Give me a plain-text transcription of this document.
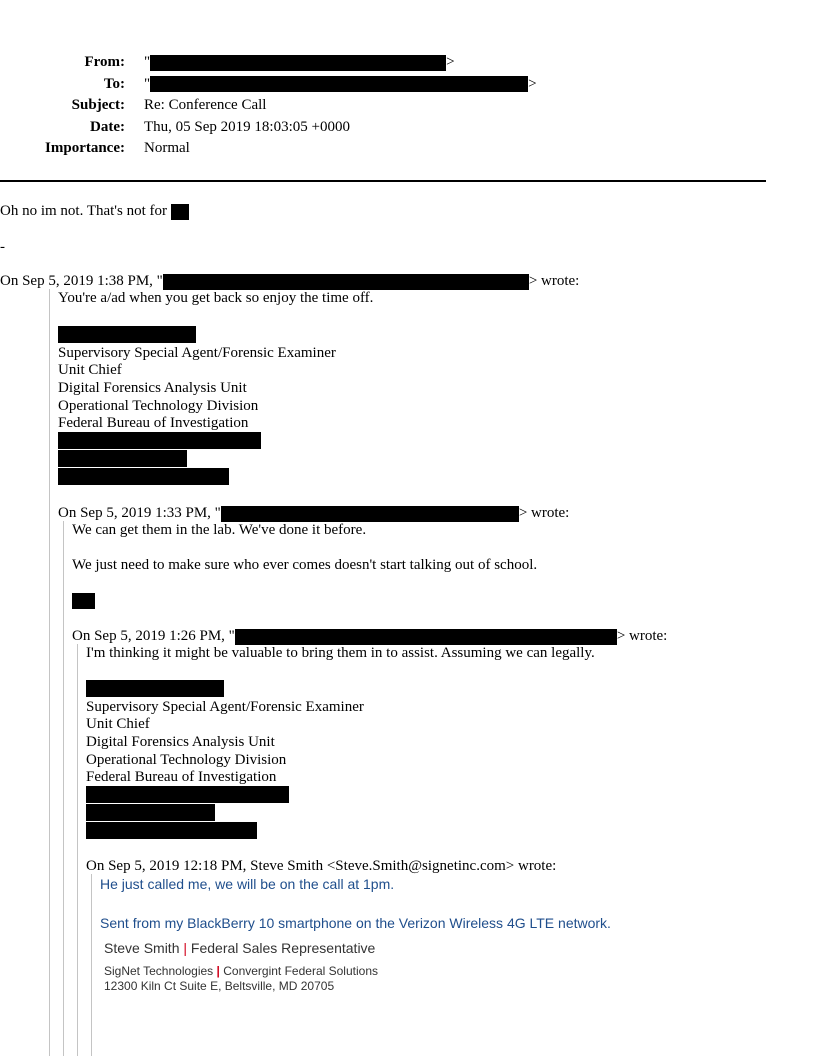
From: "	>
To: "	>
Subject: Re: Conference Call
Date: Thu, 05 Sep 2019 18:03:05 +0000
Importance: Normal
Oh no im not. That's not for
-
On Sep 5, 2019 1:38 PM, "	> wrote:
You're a/ad when you get back so enjoy the time off.
Supervisory Special Agent/Forensic Examiner
Unit Chief
Digital Forensics Analysis Unit
Operational Technology Division
Federal Bureau of Investigation
On Sep 5, 2019 1:33 PM, "	> wrote:
We can get them in the lab. We've done it before.
We just need to make sure who ever comes doesn't start talking out of school.
On Sep 5, 2019 1:26 PM, "	> wrote:
I'm thinking it might be valuable to bring them in to assist. Assuming we can legally.
Supervisory Special Agent/Forensic Examiner
Unit Chief
Digital Forensics Analysis Unit
Operational Technology Division
Federal Bureau of Investigation
On Sep 5, 2019 12:18 PM, Steve Smith <Steve.Smith@signetinc.com> wrote:
He just called me, we will be on the call at 1pm.
Sent from my BlackBerry 10 smartphone on the Verizon Wireless 4G LTE network.
Steve Smith | Federal Sales Representative
SigNet Technologies | Convergint Federal Solutions
12300 Kiln Ct Suite E, Beltsville, MD 20705
